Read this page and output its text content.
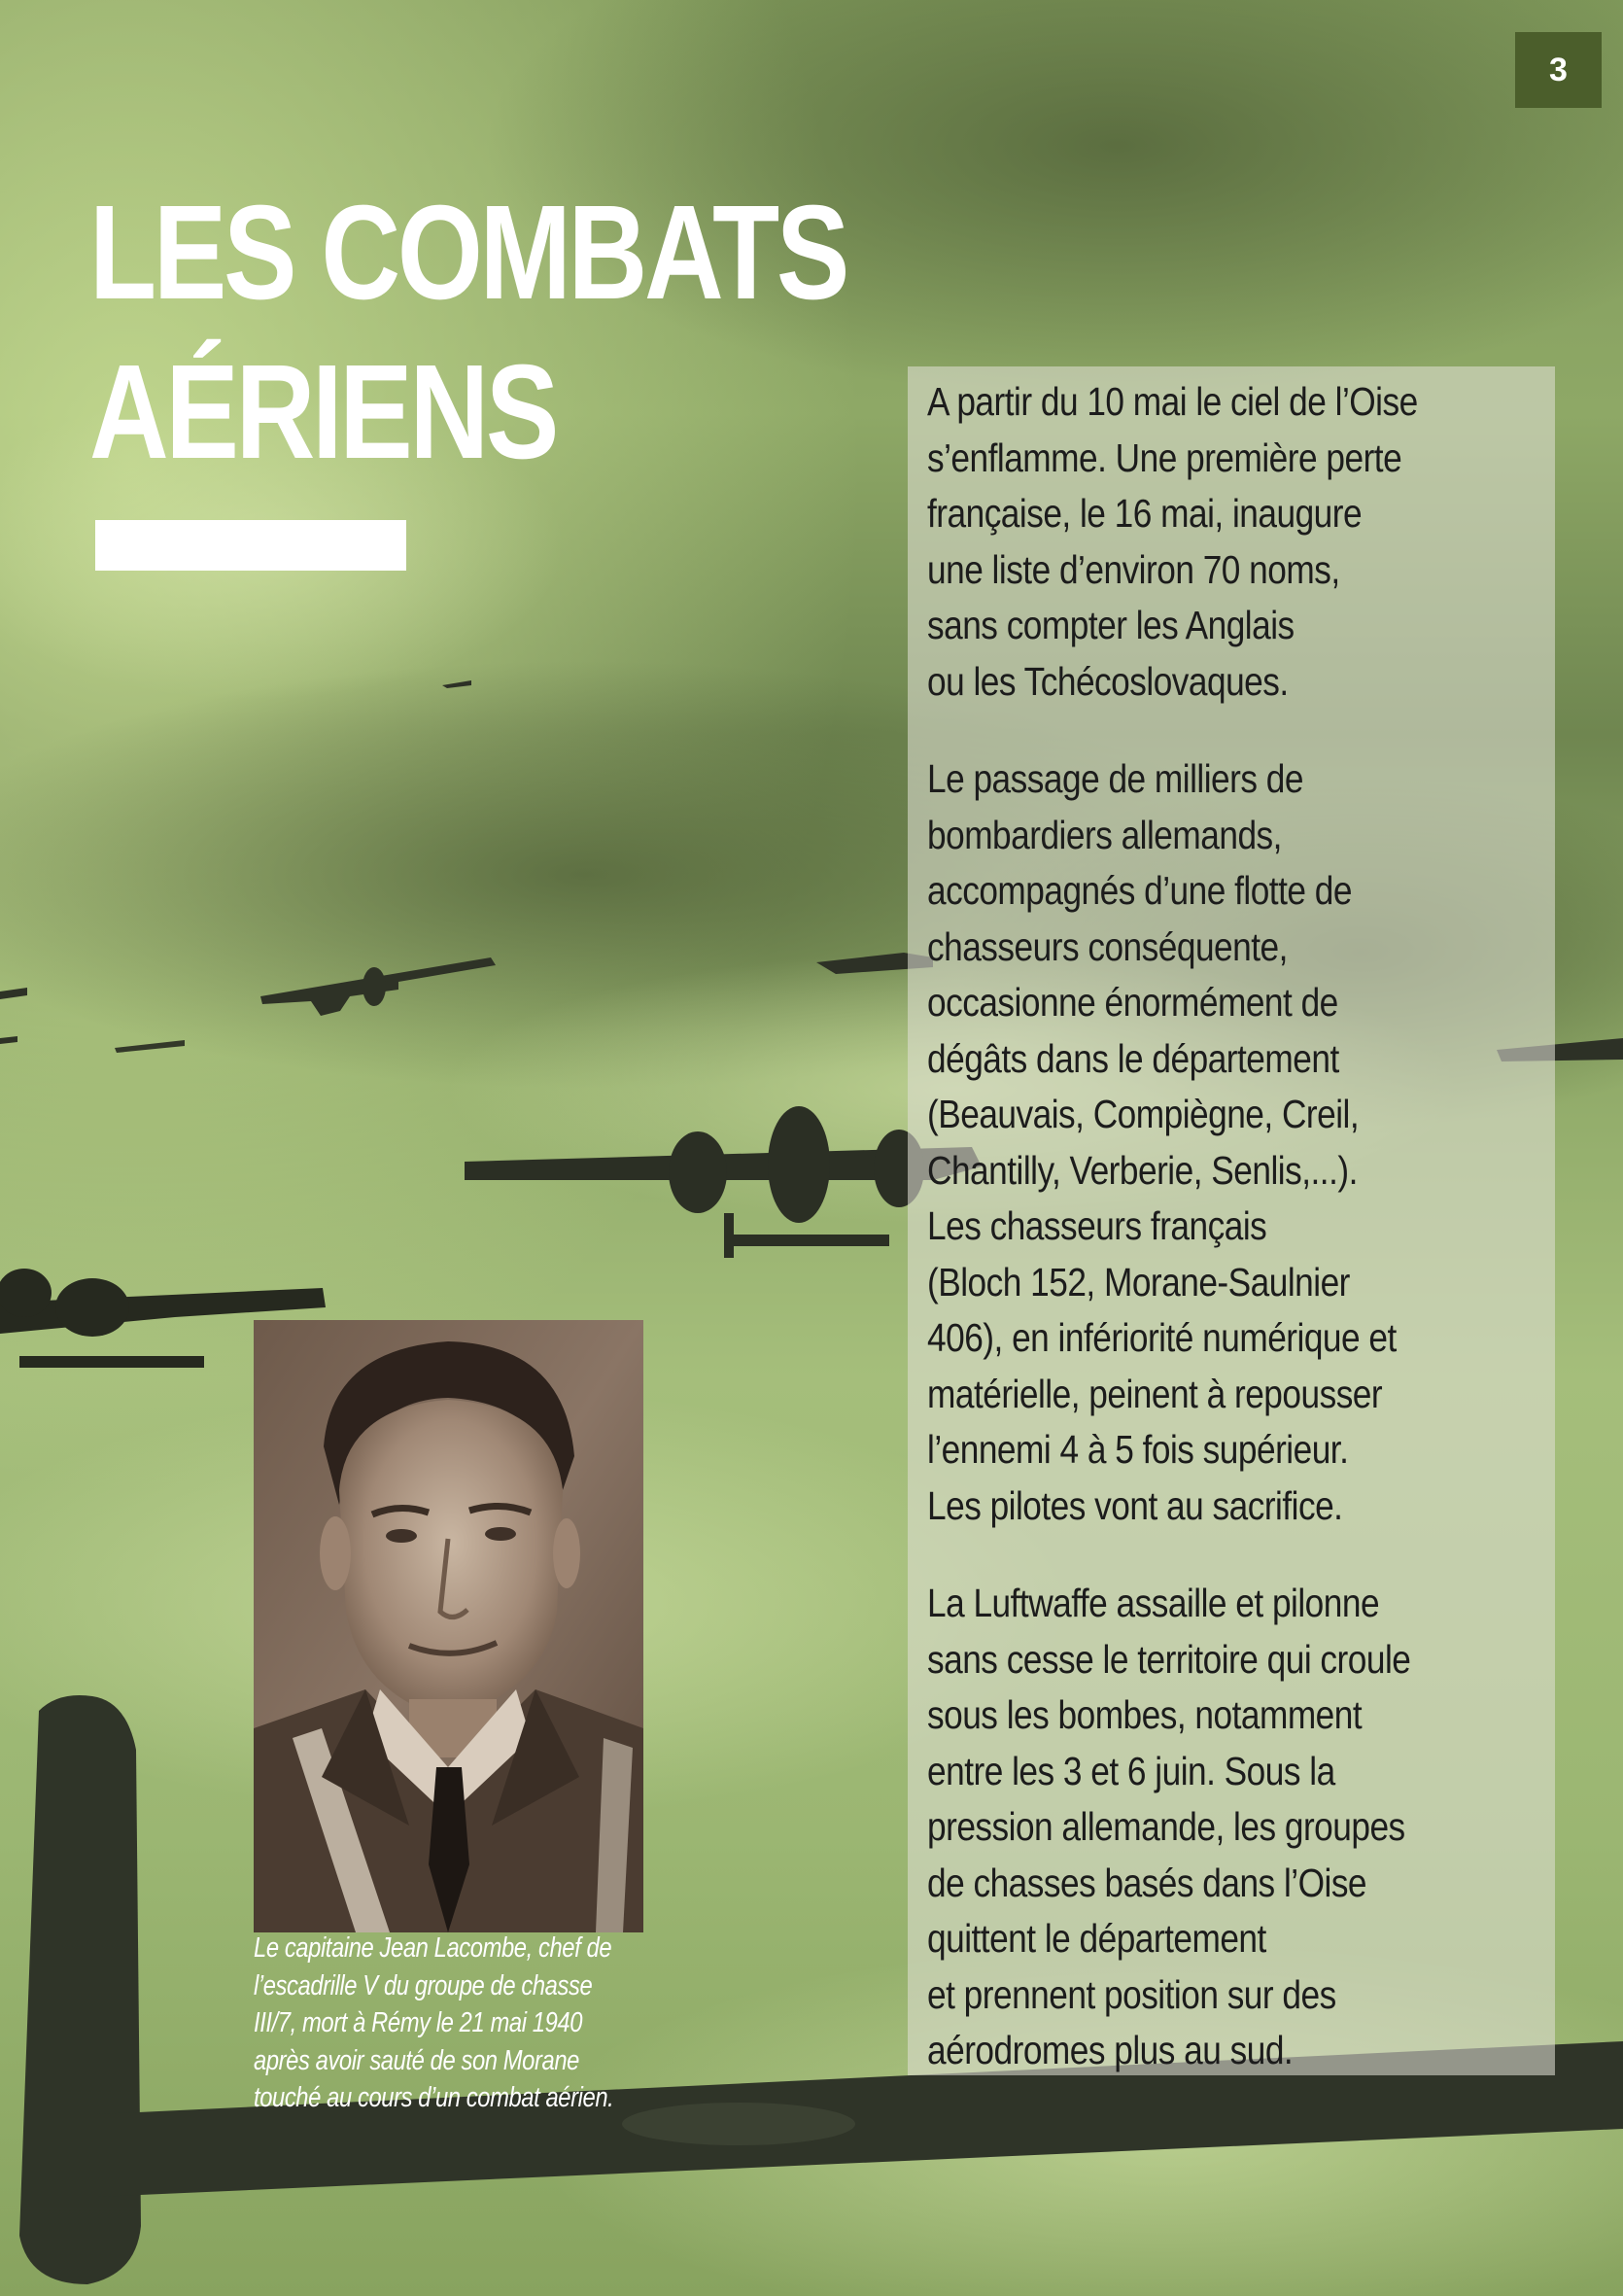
3
LES COMBATS
AÉRIENS	A partir du 10 mai le ciel de l’Oise
s’enflamme. Une première perte
française, le 16 mai, inaugure
une liste d’environ 70 noms,
sans compter les Anglais
ou les Tchécoslovaques.

Le passage de milliers de
bombardiers allemands,
accompagnés d’une flotte de
chasseurs conséquente,
occasionne énormément de
dégâts dans le département
(Beauvais, Compiègne, Creil,
Chantilly, Verberie, Senlis,...).
Les chasseurs français
(Bloch 152, Morane-Saulnier
406), en infériorité numérique et
matérielle, peinent à repousser
l’ennemi 4 à 5 fois supérieur.
Les pilotes vont au sacrifice.

La Luftwaffe assaille et pilonne
sans cesse le territoire qui croule
sous les bombes, notamment
entre les 3 et 6 juin. Sous la
pression allemande, les groupes
de chasses basés dans l’Oise
quittent le département
et prennent position sur des
aérodromes plus au sud.

Le capitaine Jean Lacombe, chef de
l’escadrille V du groupe de chasse
III/7, mort à Rémy le 21 mai 1940
après avoir sauté de son Morane
touché au cours d’un combat aérien.
